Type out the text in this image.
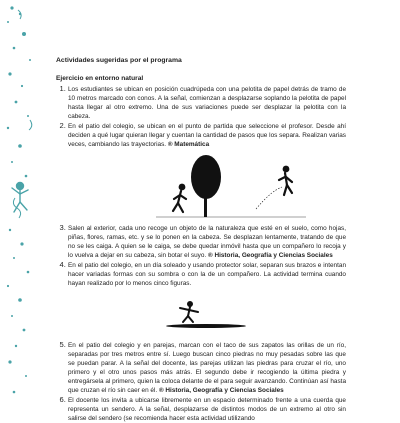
Actividades sugeridas por el programa
Ejercicio en entorno natural
1. Los estudiantes se ubican en posición cuadrúpeda con una pelotita de papel detrás de tramo de 10 metros marcado con conos. A la señal, comienzan a desplazarse soplando la pelotita de papel hasta llegar al otro extremo. Una de sus variaciones puede ser desplazar la pelotita con la cabeza.
2. En el patio del colegio, se ubican en el punto de partida que seleccione el profesor. Desde ahí deciden a qué lugar quieran llegar y cuentan la cantidad de pasos que los separa. Realizan varias veces, cambiando las trayectorias. ® Matemática
3. Salen al exterior, cada uno recoge un objeto de la naturaleza que esté en el suelo, como hojas, piñas, flores, ramas, etc. y se lo ponen en la cabeza. Se desplazan lentamente, tratando de que no se les caiga. A quien se le caiga, se debe quedar inmóvil hasta que un compañero lo recoja y lo vuelva a dejar en su cabeza, sin botar el suyo. ® Historia, Geografía y Ciencias Sociales
4. En el patio del colegio, en un día soleado y usando protector solar, separan sus brazos e intentan hacer variadas formas con su sombra o con la de un compañero. La actividad termina cuando hayan realizado por lo menos cinco figuras.
5. En el patio del colegio y en parejas, marcan con el taco de sus zapatos las orillas de un río, separadas por tres metros entre sí. Luego buscan cinco piedras no muy pesadas sobre las que se puedan parar. A la señal del docente, las parejas utilizan las piedras para cruzar el río, uno primero y el otro unos pasos más atrás. El segundo debe ir recogiendo la última piedra y entregársela al primero, quien la coloca delante de el para seguir avanzando. Continúan así hasta que cruzan el río sin caer en él. ® Historia, Geografía y Ciencias Sociales
6. El docente los invita a ubicarse libremente en un espacio determinado frente a una cuerda que representa un sendero. A la señal, desplazarse de distintos modos de un extremo al otro sin salirse del sendero (se recomienda hacer esta actividad utilizando
